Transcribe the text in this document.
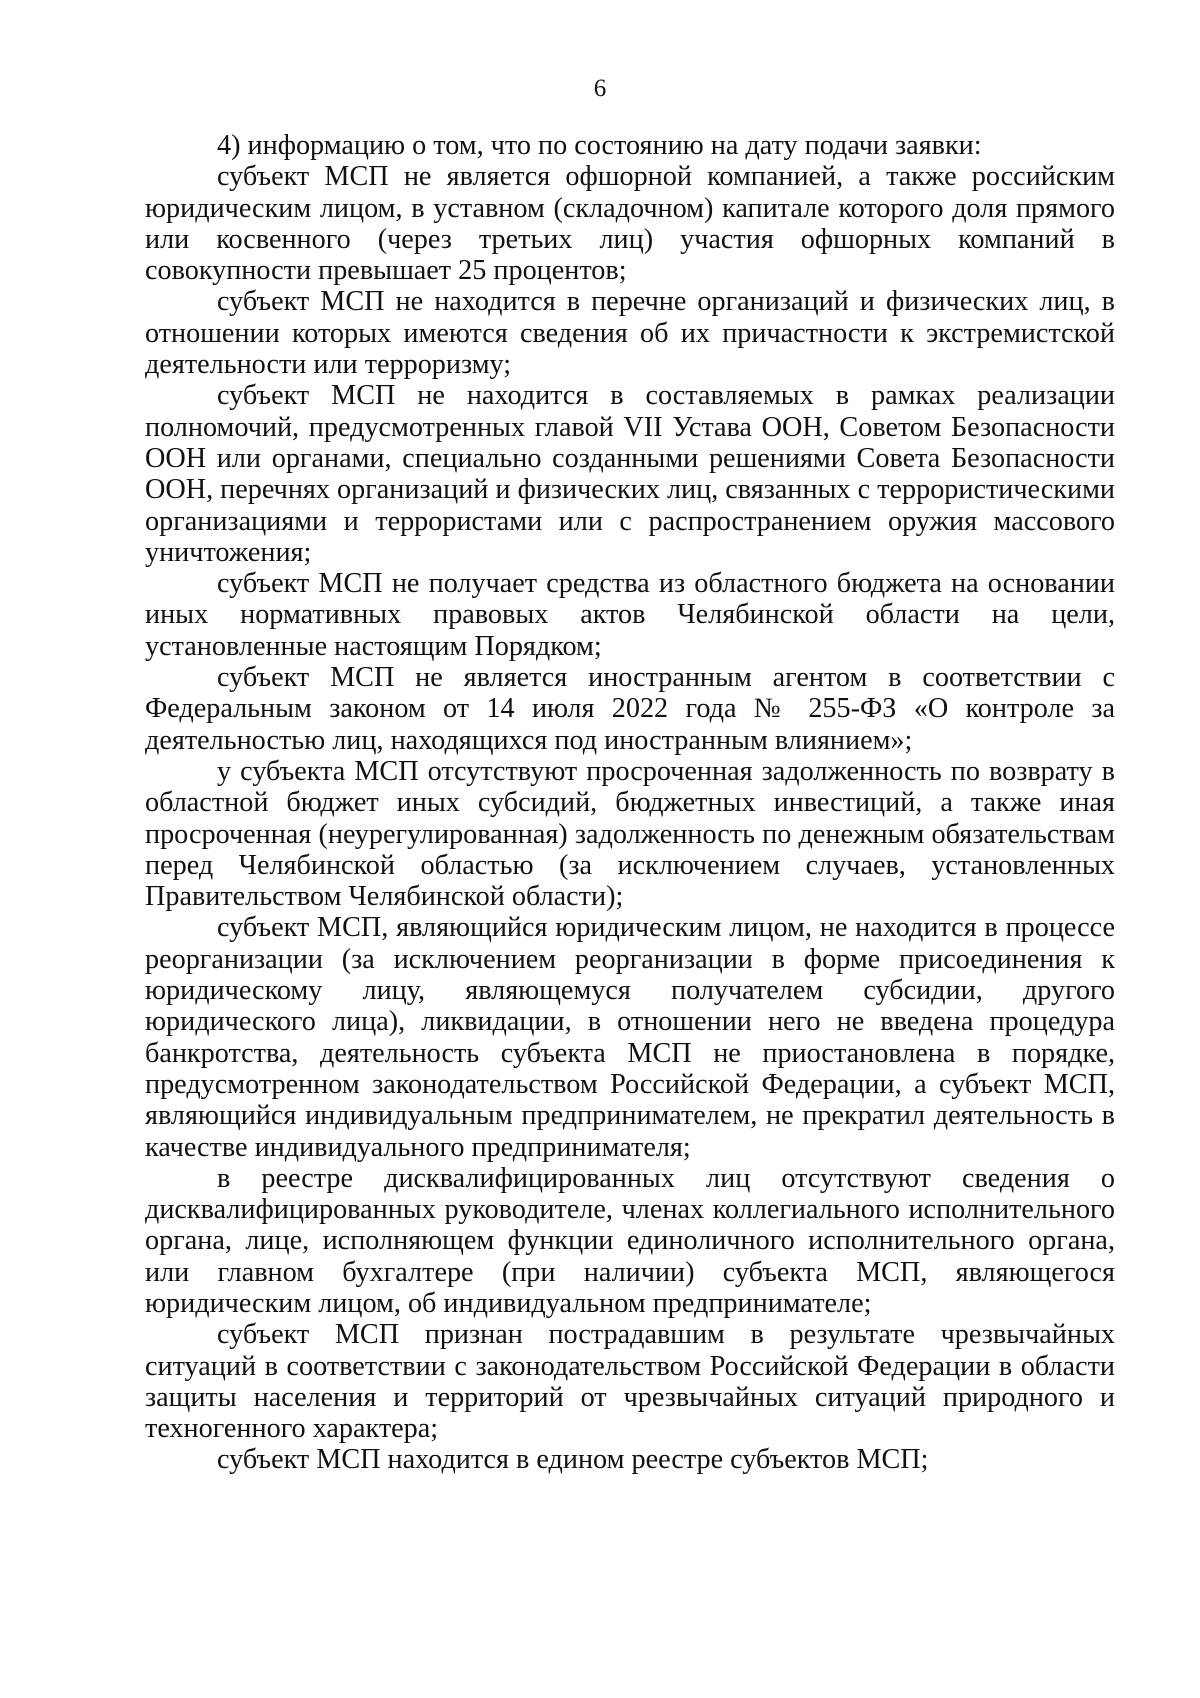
6

4) информацию о том, что по состоянию на дату подачи заявки:

субъект МСП не является офшорной компанией, а также российским юридическим лицом, в уставном (складочном) капитале которого доля прямого или косвенного (через третьих лиц) участия офшорных компаний в совокупности превышает 25 процентов;

субъект МСП не находится в перечне организаций и физических лиц, в отношении которых имеются сведения об их причастности к экстремистской деятельности или терроризму;

субъект МСП не находится в составляемых в рамках реализации полномочий, предусмотренных главой VII Устава ООН, Советом Безопасности ООН или органами, специально созданными решениями Совета Безопасности ООН, перечнях организаций и физических лиц, связанных с террористическими организациями и террористами или с распространением оружия массового уничтожения;

субъект МСП не получает средства из областного бюджета на основании иных нормативных правовых актов Челябинской области на цели, установленные настоящим Порядком;

субъект МСП не является иностранным агентом в соответствии с Федеральным законом от 14 июля 2022 года № 255-ФЗ «О контроле за деятельностью лиц, находящихся под иностранным влиянием»;

у субъекта МСП отсутствуют просроченная задолженность по возврату в областной бюджет иных субсидий, бюджетных инвестиций, а также иная просроченная (неурегулированная) задолженность по денежным обязательствам перед Челябинской областью (за исключением случаев, установленных Правительством Челябинской области);

субъект МСП, являющийся юридическим лицом, не находится в процессе реорганизации (за исключением реорганизации в форме присоединения к юридическому лицу, являющемуся получателем субсидии, другого юридического лица), ликвидации, в отношении него не введена процедура банкротства, деятельность субъекта МСП не приостановлена в порядке, предусмотренном законодательством Российской Федерации, а субъект МСП, являющийся индивидуальным предпринимателем, не прекратил деятельность в качестве индивидуального предпринимателя;

в реестре дисквалифицированных лиц отсутствуют сведения о дисквалифицированных руководителе, членах коллегиального исполнительного органа, лице, исполняющем функции единоличного исполнительного органа, или главном бухгалтере (при наличии) субъекта МСП, являющегося юридическим лицом, об индивидуальном предпринимателе;

субъект МСП признан пострадавшим в результате чрезвычайных ситуаций в соответствии с законодательством Российской Федерации в области защиты населения и территорий от чрезвычайных ситуаций природного и техногенного характера;

субъект МСП находится в едином реестре субъектов МСП;
